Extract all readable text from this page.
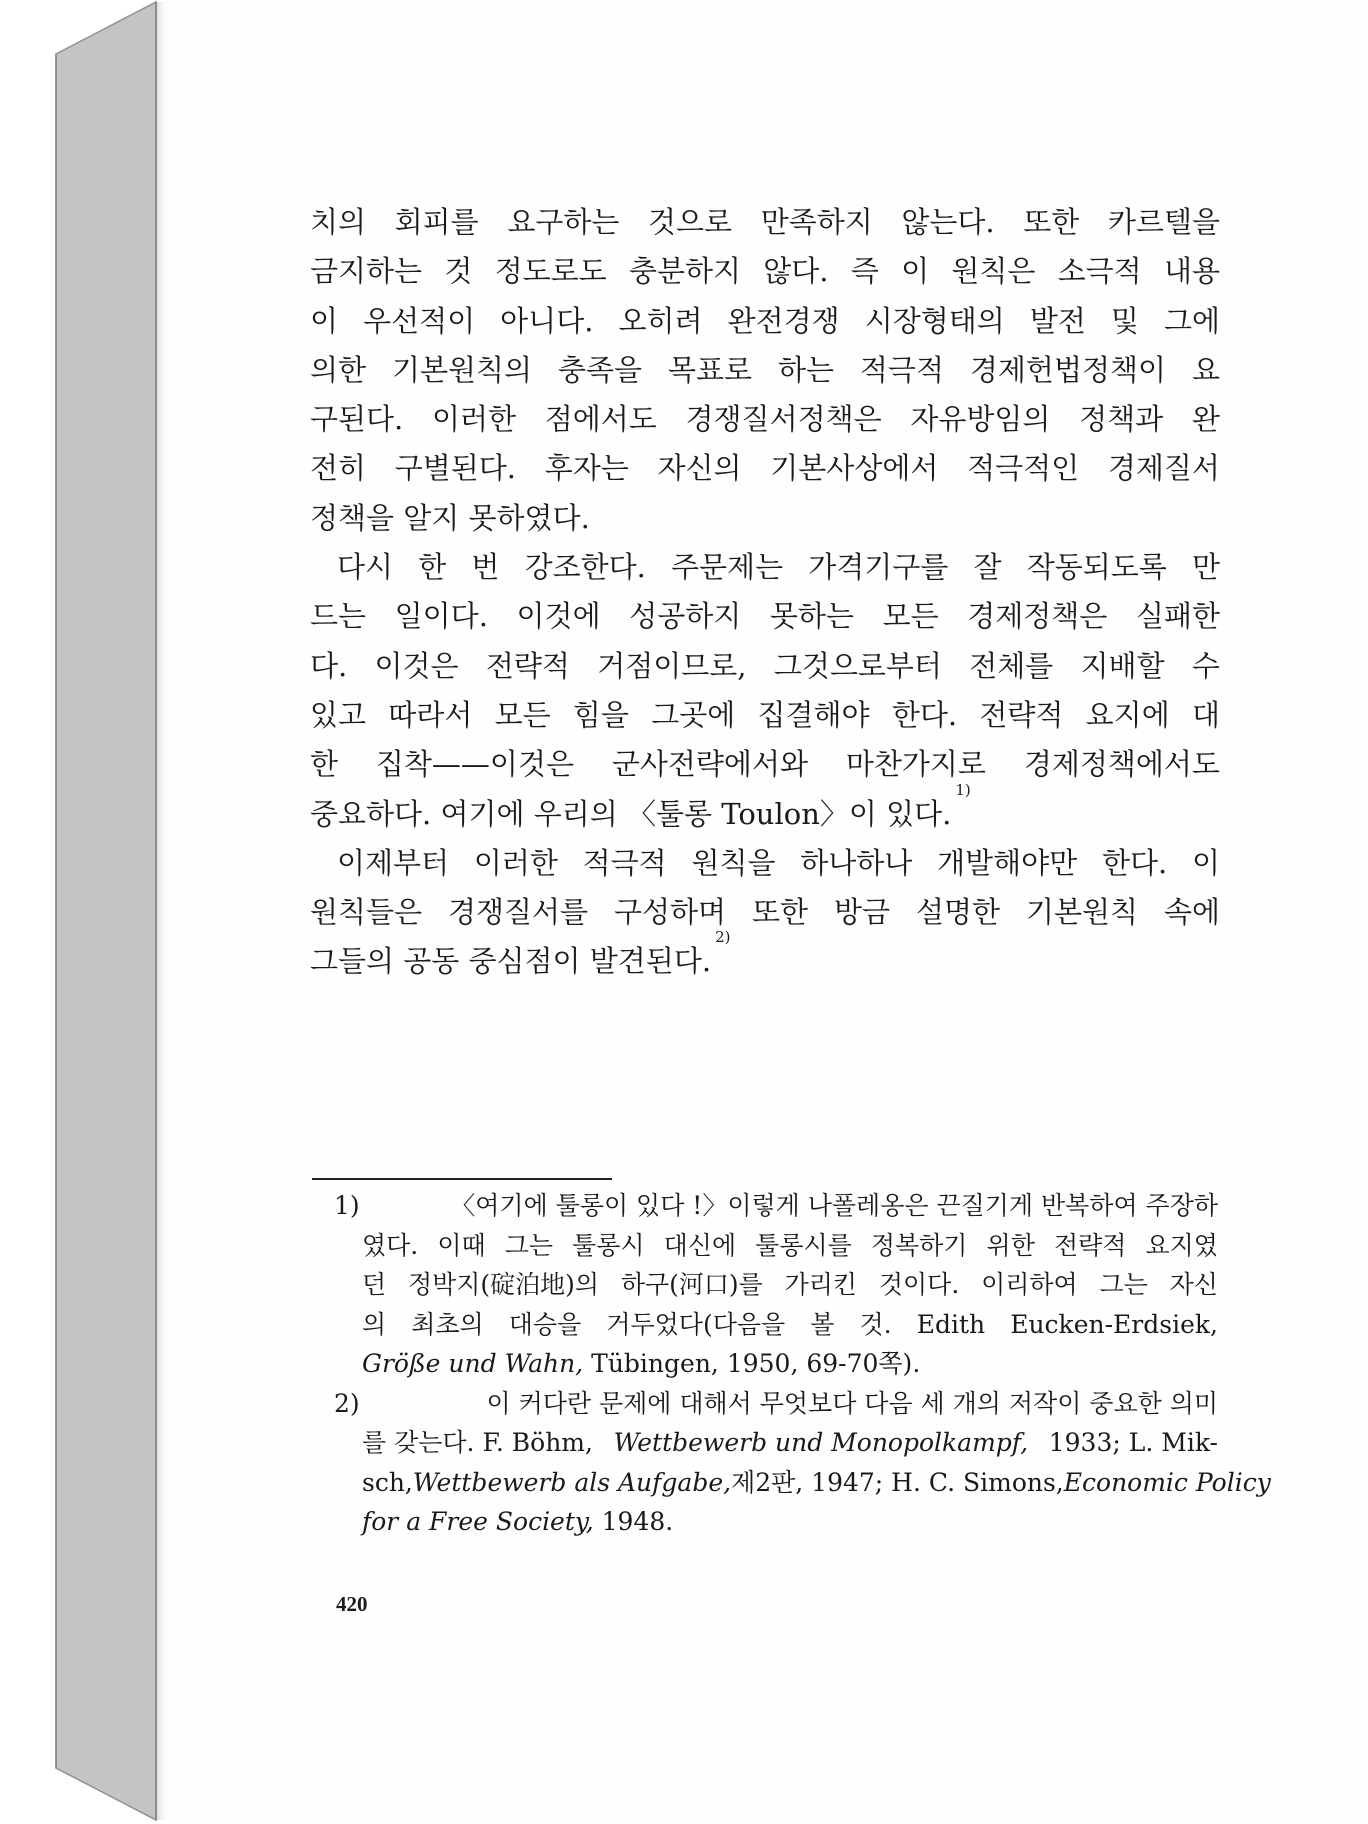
치의 회피를 요구하는 것으로 만족하지 않는다. 또한 카르텔을
금지하는 것 정도로도 충분하지 않다. 즉 이 원칙은 소극적 내용
이 우선적이 아니다. 오히려 완전경쟁 시장형태의 발전 및 그에
의한 기본원칙의 충족을 목표로 하는 적극적 경제헌법정책이 요
구된다. 이러한 점에서도 경쟁질서정책은 자유방임의 정책과 완
전히 구별된다. 후자는 자신의 기본사상에서 적극적인 경제질서
정책을 알지 못하였다.
다시 한 번 강조한다. 주문제는 가격기구를 잘 작동되도록 만
드는 일이다. 이것에 성공하지 못하는 모든 경제정책은 실패한
다. 이것은 전략적 거점이므로, 그것으로부터 전체를 지배할 수
있고 따라서 모든 힘을 그곳에 집결해야 한다. 전략적 요지에 대
한 집착——이것은 군사전략에서와 마찬가지로 경제정책에서도
중요하다. 여기에 우리의 〈툴롱 Toulon〉이 있다.
1)
이제부터 이러한 적극적 원칙을 하나하나 개발해야만 한다. 이
원칙들은 경쟁질서를 구성하며 또한 방금 설명한 기본원칙 속에
그들의 공동 중심점이 발견된다.
2)
1)	〈여기에 툴롱이 있다 !〉이렇게 나폴레옹은 끈질기게 반복하여 주장하
였다. 이때 그는 툴롱시 대신에 툴롱시를 정복하기 위한 전략적 요지였
던 정박지(碇泊地)의 하구(河口)를 가리킨 것이다. 이리하여 그는 자신
의 최초의 대승을 거두었다(다음을 볼 것. Edith Eucken-Erdsiek,
Größe und Wahn, Tübingen, 1950, 69-70쪽).
2)	이 커다란 문제에 대해서 무엇보다 다음 세 개의 저작이 중요한 의미
를 갖는다. F. Böhm, Wettbewerb und Monopolkampf, 1933; L. Mik-
sch, Wettbewerb als Aufgabe, 제2판, 1947; H. C. Simons, Economic Policy
for a Free Society, 1948.
420
